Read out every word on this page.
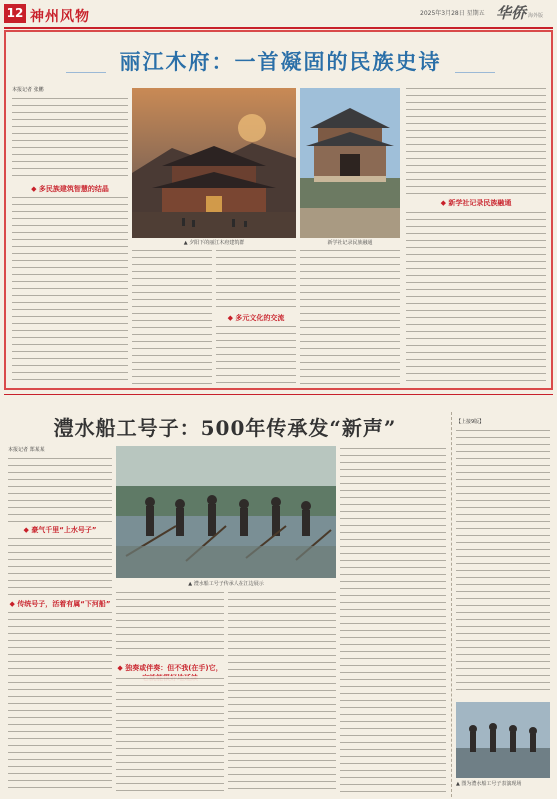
12 神州风物	2025年3月28日 星期五 华侨 海外版
丽江木府：一首凝固的民族史诗
本报记者 张鹏
◆ 多民族建筑智慧的结晶
▲ 夕阳下的丽江木府建筑群	新学社记录民族融通
◆ 多元文化的交流
◆ 新学社记录民族融通
澧水船工号子：500年传承发“新声”
本报记者 郑某某
◆ 豪气千里“上水号子”
◆ 传统号子，活着有属“下河船”
▲ 澧水船工号子传承人在江边展示
◆ 独奏或伴奏：但不我(在手)它，
【上接9版】
▲ 图为澧水船工号子表演现场
